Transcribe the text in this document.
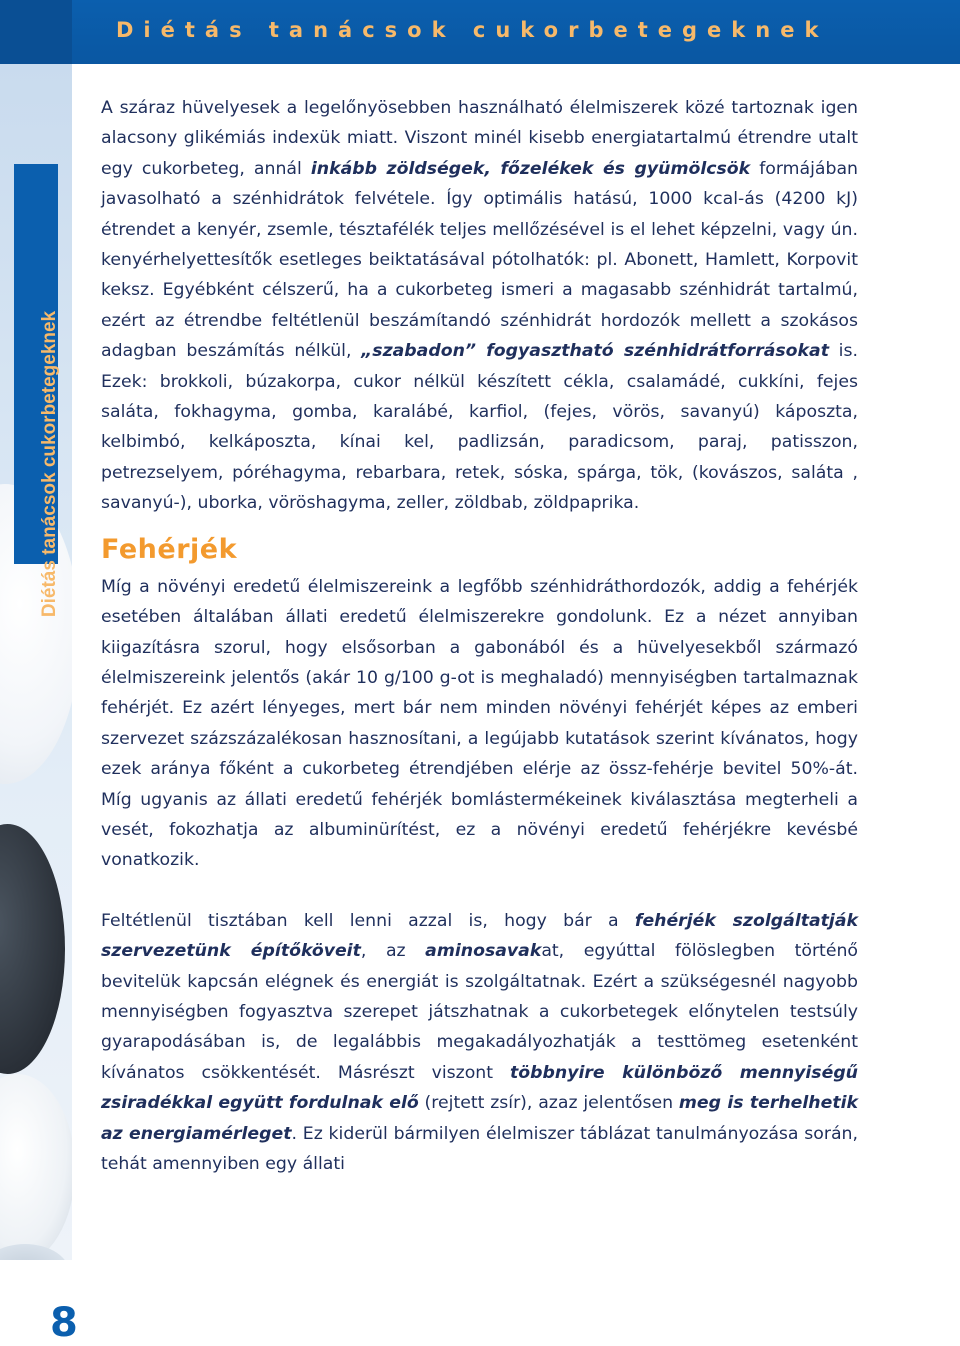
Diétás tanácsok cukorbetegeknek
Diétás tanácsok cukorbetegeknek
8

A száraz hüvelyesek a legelőnyösebben használható élelmiszerek közé tartoznak igen alacsony glikémiás indexük miatt. Viszont minél kisebb energiatartalmú étrendre utalt egy cukorbeteg, annál inkább zöldségek, főzelékek és gyümölcsök formájában javasolható a szénhidrátok felvétele. Így optimális hatású, 1000 kcal-ás (4200 kJ) étrendet a kenyér, zsemle, tésztafélék teljes mellőzésével is el lehet képzelni, vagy ún. kenyérhelyettesítők esetleges beiktatásával pótolhatók: pl. Abonett, Hamlett, Korpovit keksz. Egyébként célszerű, ha a cukorbeteg ismeri a magasabb szénhidrát tartalmú, ezért az étrendbe feltétlenül beszámítandó szénhidrát hordozók mellett a szokásos adagban beszámítás nélkül, „szabadon” fogyasztható szénhidrátforrásokat is. Ezek: brokkoli, búzakorpa, cukor nélkül készített cékla, csalamádé, cukkíni, fejes saláta, fokhagyma, gomba, karalábé, karfiol, (fejes, vörös, savanyú) káposzta, kelbimbó, kelkáposzta, kínai kel, padlizsán, paradicsom, paraj, patisszon, petrezselyem, póréhagyma, rebarbara, retek, sóska, spárga, tök, (kovászos, saláta , savanyú-), uborka, vöröshagyma, zeller, zöldbab, zöldpaprika.

Fehérjék

Míg a növényi eredetű élelmiszereink a legfőbb szénhidráthordozók, addig a fehérjék esetében általában állati eredetű élelmiszerekre gondolunk. Ez a nézet annyiban kiigazításra szorul, hogy elsősorban a gabonából és a hüvelyesekből származó élelmiszereink jelentős (akár 10 g/100 g-ot is meghaladó) mennyiségben tartalmaznak fehérjét. Ez azért lényeges, mert bár nem minden növényi fehérjét képes az emberi szervezet százszázalékosan hasznosítani, a legújabb kutatások szerint kívánatos, hogy ezek aránya főként a cukorbeteg étrendjében elérje az össz-fehérje bevitel 50%-át. Míg ugyanis az állati eredetű fehérjék bomlástermékeinek kiválasztása megterheli a vesét, fokozhatja az albuminürítést, ez a növényi eredetű fehérjékre kevésbé vonatkozik.

Feltétlenül tisztában kell lenni azzal is, hogy bár a fehérjék szolgáltatják szervezetünk építőköveit, az aminosavakat, egyúttal fölöslegben történő bevitelük kapcsán elégnek és energiát is szolgáltatnak. Ezért a szükségesnél nagyobb mennyiségben fogyasztva szerepet játszhatnak a cukorbetegek előnytelen testsúly gyarapodásában is, de legalábbis megakadályozhatják a testtömeg esetenként kívánatos csökkentését. Másrészt viszont többnyire különböző mennyiségű zsiradékkal együtt fordulnak elő (rejtett zsír), azaz jelentősen meg is terhelhetik az energiamérleget. Ez kiderül bármilyen élelmiszer táblázat tanulmányozása során, tehát amennyiben egy állati
